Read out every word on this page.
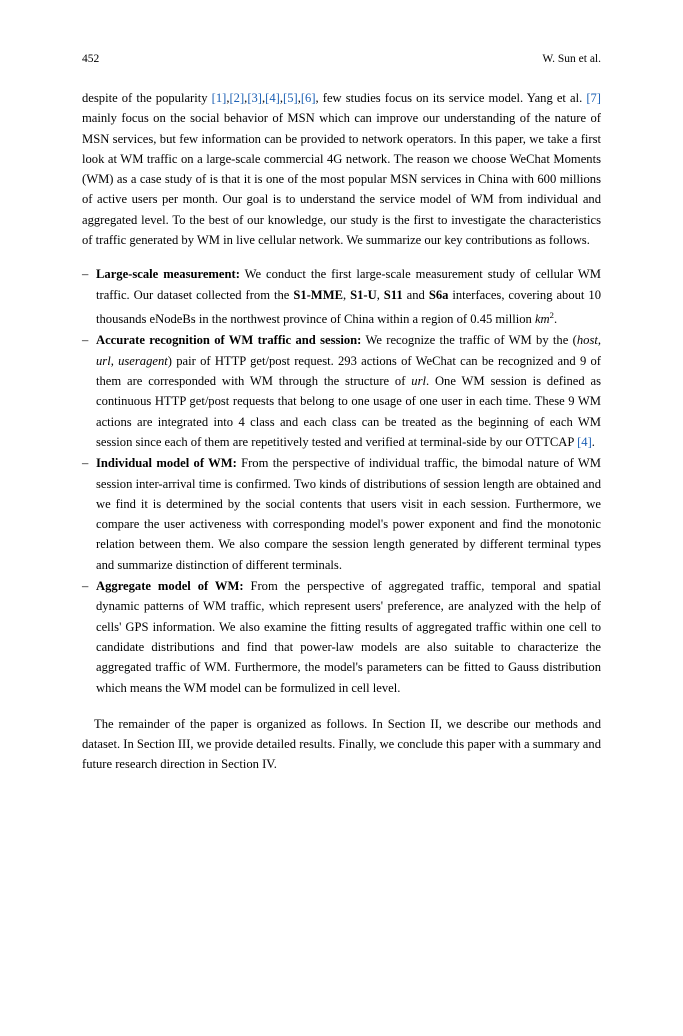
452	W. Sun et al.

despite of the popularity [1],[2],[3],[4],[5],[6], few studies focus on its service model. Yang et al. [7] mainly focus on the social behavior of MSN which can improve our understanding of the nature of MSN services, but few information can be provided to network operators. In this paper, we take a first look at WM traffic on a large-scale commercial 4G network. The reason we choose WeChat Moments (WM) as a case study of is that it is one of the most popular MSN services in China with 600 millions of active users per month. Our goal is to understand the service model of WM from individual and aggregated level. To the best of our knowledge, our study is the first to investigate the characteristics of traffic generated by WM in live cellular network. We summarize our key contributions as follows.

– Large-scale measurement: We conduct the first large-scale measurement study of cellular WM traffic. Our dataset collected from the S1-MME, S1-U, S11 and S6a interfaces, covering about 10 thousands eNodeBs in the northwest province of China within a region of 0.45 million $km^2$.
– Accurate recognition of WM traffic and session: We recognize the traffic of WM by the (host, url, useragent) pair of HTTP get/post request. 293 actions of WeChat can be recognized and 9 of them are corresponded with WM through the structure of url. One WM session is defined as continuous HTTP get/post requests that belong to one usage of one user in each time. These 9 WM actions are integrated into 4 class and each class can be treated as the beginning of each WM session since each of them are repetitively tested and verified at terminal-side by our OTTCAP [4].
– Individual model of WM: From the perspective of individual traffic, the bimodal nature of WM session inter-arrival time is confirmed. Two kinds of distributions of session length are obtained and we find it is determined by the social contents that users visit in each session. Furthermore, we compare the user activeness with corresponding model's power exponent and find the monotonic relation between them. We also compare the session length generated by different terminal types and summarize distinction of different terminals.
– Aggregate model of WM: From the perspective of aggregated traffic, temporal and spatial dynamic patterns of WM traffic, which represent users' preference, are analyzed with the help of cells' GPS information. We also examine the fitting results of aggregated traffic within one cell to candidate distributions and find that power-law models are also suitable to characterize the aggregated traffic of WM. Furthermore, the model's parameters can be fitted to Gauss distribution which means the WM model can be formulized in cell level.

The remainder of the paper is organized as follows. In Section II, we describe our methods and dataset. In Section III, we provide detailed results. Finally, we conclude this paper with a summary and future research direction in Section IV.
